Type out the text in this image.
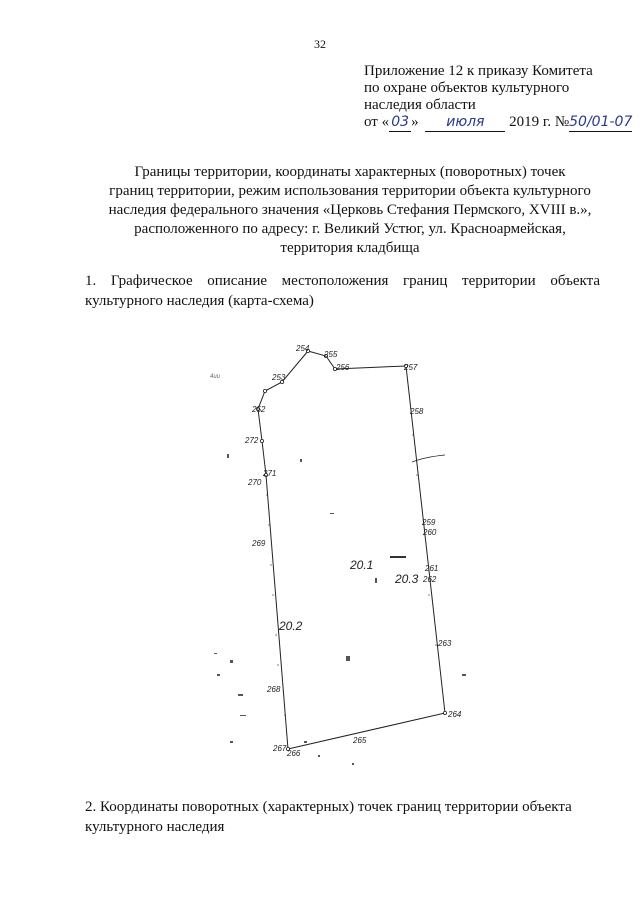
32
Приложение 12 к приказу Комитета
по охране объектов культурного
наследия области
от « 03 » июля 2019 г. №50/01-07
Границы территории, координаты характерных (поворотных) точек
границ территории, режим использования территории объекта культурного
наследия федерального значения «Церковь Стефания Пермского, XVIII в.»,
расположенного по адресу: г. Великий Устюг, ул. Красноармейская,
территория кладбища
1. Графическое описание местоположения границ территории объекта
культурного наследия (карта-схема)
254
255
256	257
253
252	258
272
271
270
259
260
269
261
262
263
268
264
265
267
266
20.1
20.3
20.2
4ии
2. Координаты поворотных (характерных) точек границ территории объекта
культурного наследия
